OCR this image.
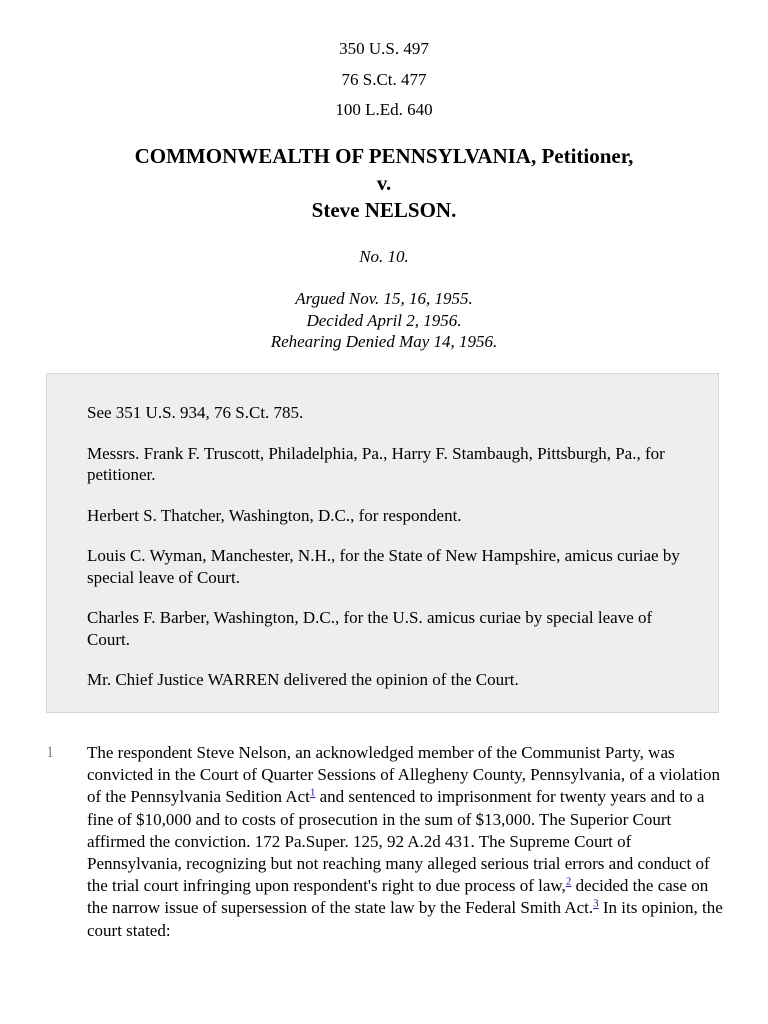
350 U.S. 497
76 S.Ct. 477
100 L.Ed. 640
COMMONWEALTH OF PENNSYLVANIA, Petitioner,
v.
Steve NELSON.
No. 10.
Argued Nov. 15, 16, 1955.
Decided April 2, 1956.
Rehearing Denied May 14, 1956.

See 351 U.S. 934, 76 S.Ct. 785.

Messrs. Frank F. Truscott, Philadelphia, Pa., Harry F. Stambaugh, Pittsburgh, Pa., for petitioner.

Herbert S. Thatcher, Washington, D.C., for respondent.

Louis C. Wyman, Manchester, N.H., for the State of New Hampshire, amicus curiae by special leave of Court.

Charles F. Barber, Washington, D.C., for the U.S. amicus curiae by special leave of Court.

Mr. Chief Justice WARREN delivered the opinion of the Court.

1 The respondent Steve Nelson, an acknowledged member of the Communist Party, was convicted in the Court of Quarter Sessions of Allegheny County, Pennsylvania, of a violation of the Pennsylvania Sedition Act$^1$ and sentenced to imprisonment for twenty years and to a fine of $10,000 and to costs of prosecution in the sum of $13,000. The Superior Court affirmed the conviction. 172 Pa.Super. 125, 92 A.2d 431. The Supreme Court of Pennsylvania, recognizing but not reaching many alleged serious trial errors and conduct of the trial court infringing upon respondent's right to due process of law,$^2$ decided the case on the narrow issue of supersession of the state law by the Federal Smith Act.$^3$ In its opinion, the court stated:
